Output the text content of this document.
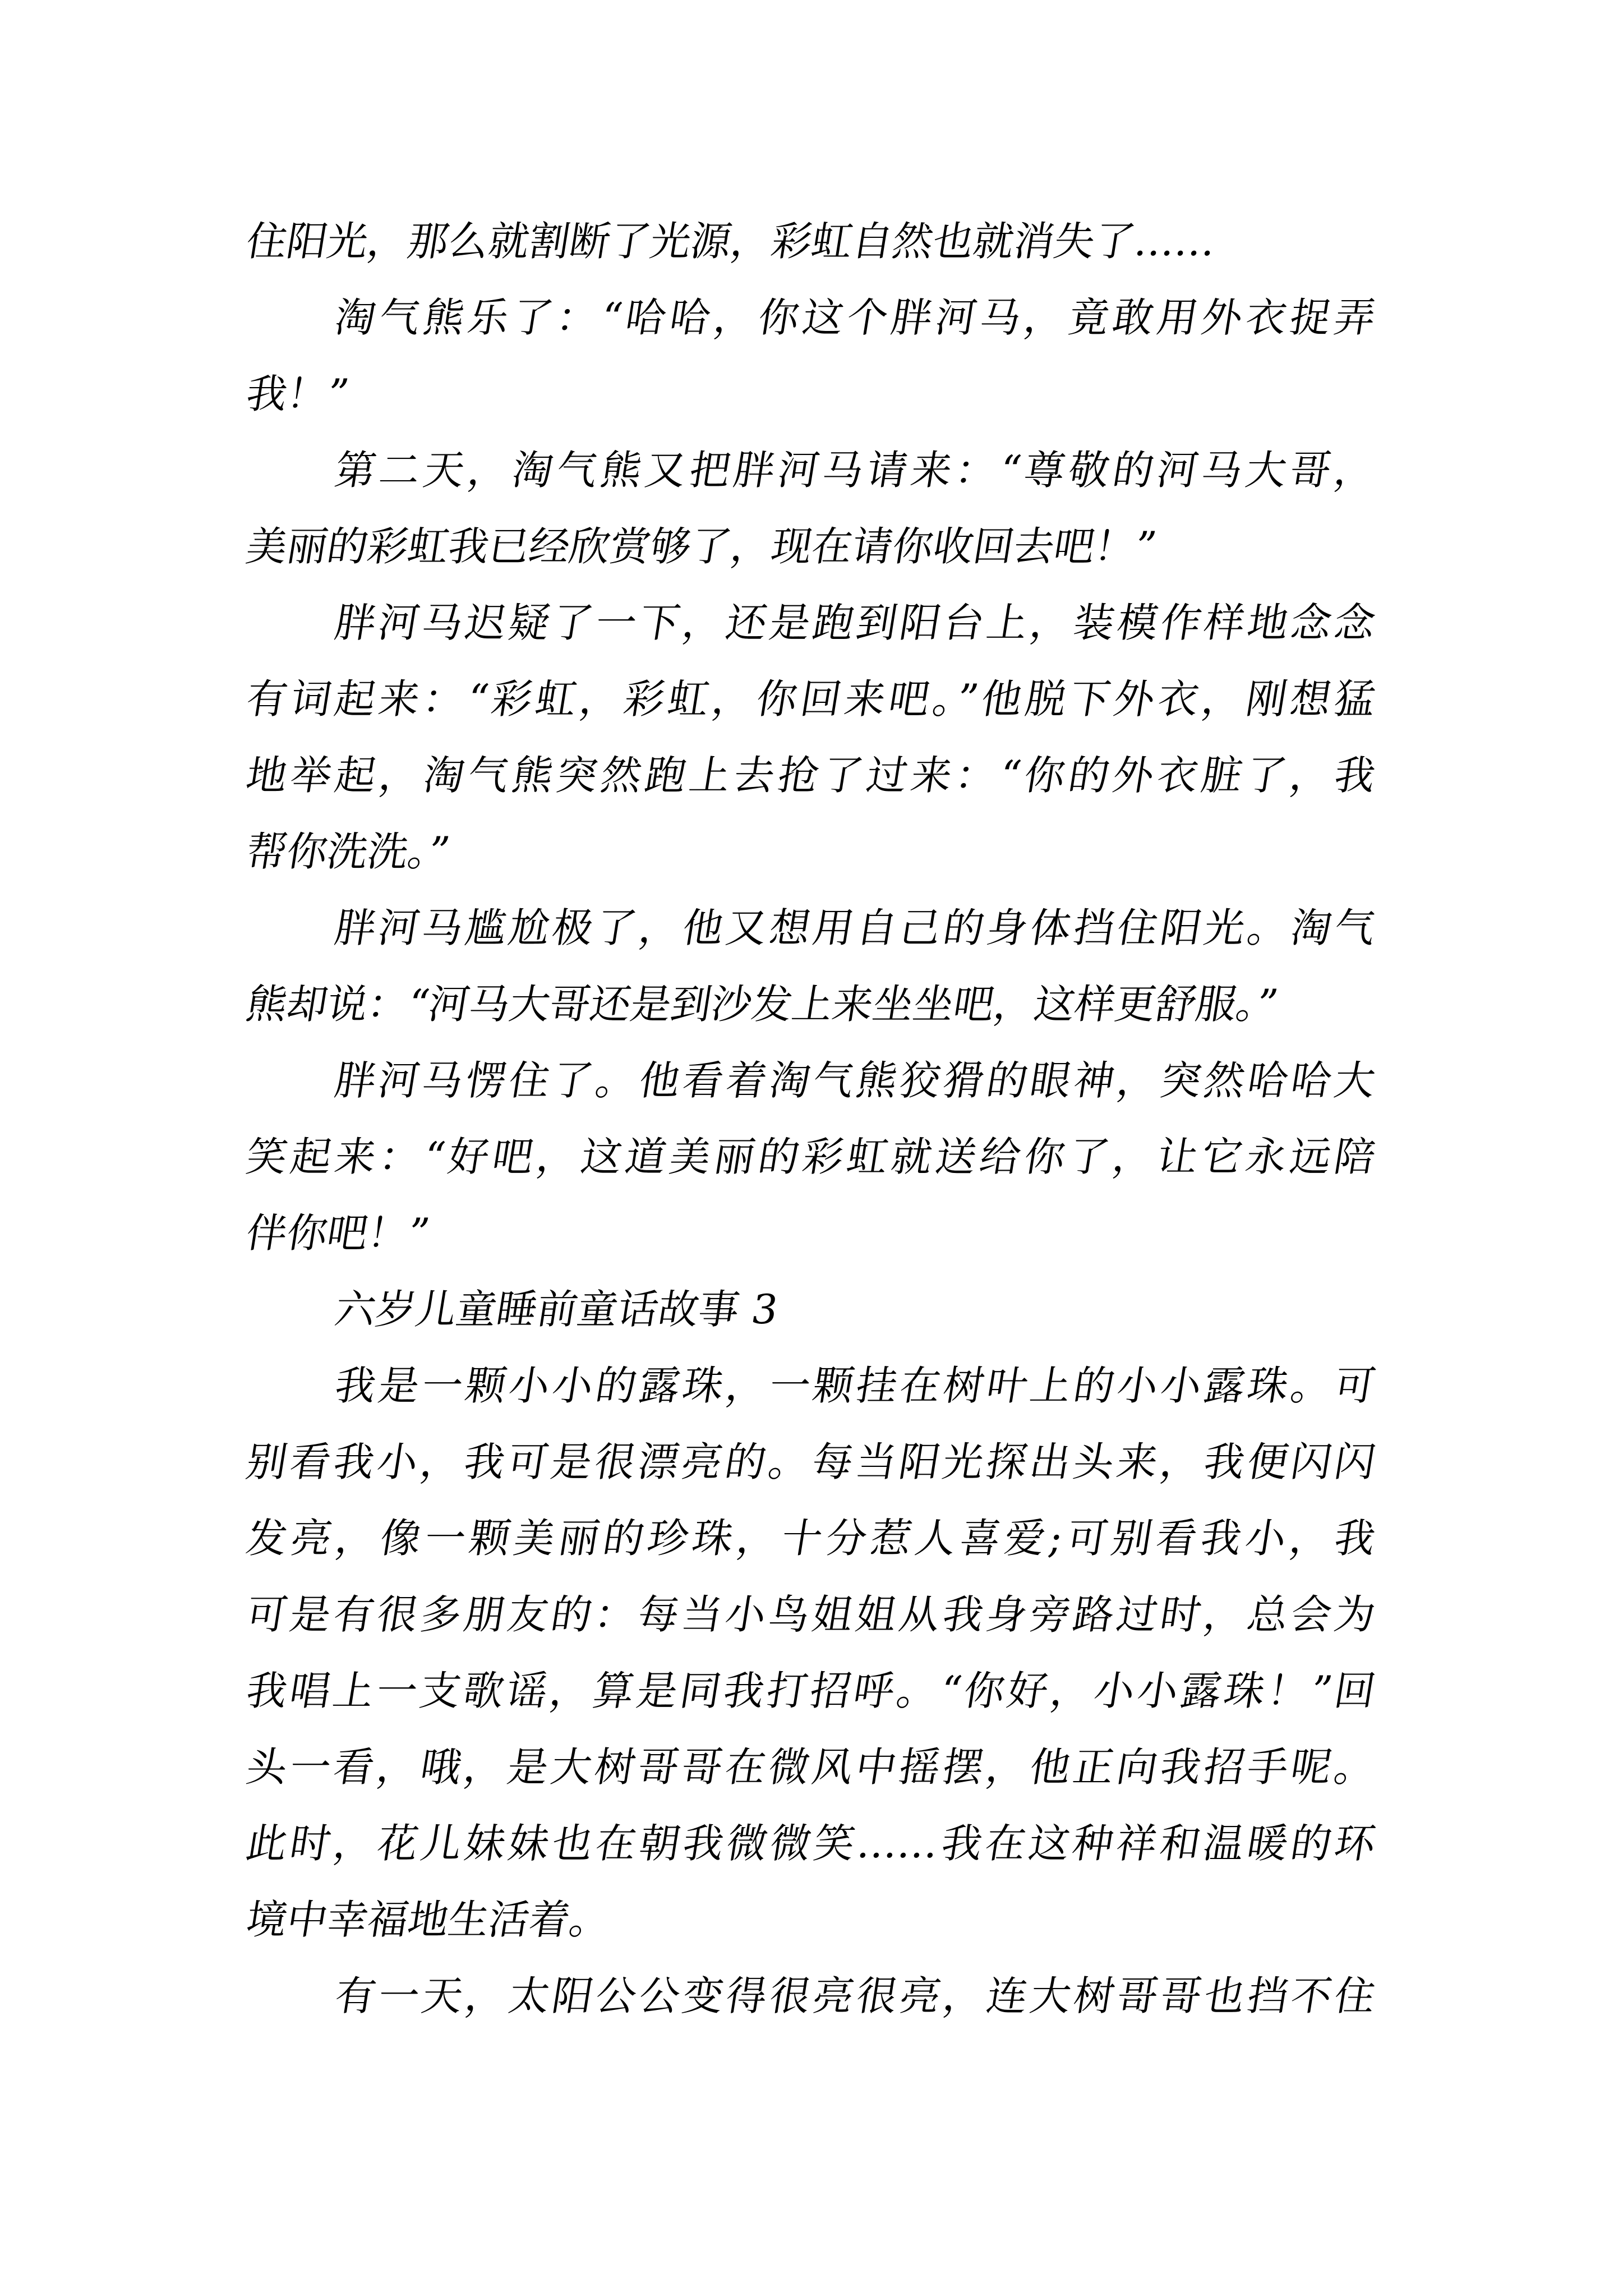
住阳光，那么就割断了光源，彩虹自然也就消失了……
淘气熊乐了：“哈哈，你这个胖河马，竟敢用外衣捉弄
我！”
第二天，淘气熊又把胖河马请来：“尊敬的河马大哥，
美丽的彩虹我已经欣赏够了，现在请你收回去吧！”
胖河马迟疑了一下，还是跑到阳台上，装模作样地念念
有词起来：“彩虹，彩虹，你回来吧。”他脱下外衣，刚想猛
地举起，淘气熊突然跑上去抢了过来：“你的外衣脏了，我
帮你洗洗。”
胖河马尴尬极了，他又想用自己的身体挡住阳光。淘气
熊却说：“河马大哥还是到沙发上来坐坐吧，这样更舒服。”
胖河马愣住了。他看着淘气熊狡猾的眼神，突然哈哈大
笑起来：“好吧，这道美丽的彩虹就送给你了，让它永远陪
伴你吧！”
六岁儿童睡前童话故事 3
我是一颗小小的露珠，一颗挂在树叶上的小小露珠。可
别看我小，我可是很漂亮的。每当阳光探出头来，我便闪闪
发亮，像一颗美丽的珍珠，十分惹人喜爱;可别看我小，我
可是有很多朋友的：每当小鸟姐姐从我身旁路过时，总会为
我唱上一支歌谣，算是同我打招呼。“你好，小小露珠！”回
头一看，哦，是大树哥哥在微风中摇摆，他正向我招手呢。
此时，花儿妹妹也在朝我微微笑……我在这种祥和温暖的环
境中幸福地生活着。
有一天，太阳公公变得很亮很亮，连大树哥哥也挡不住
